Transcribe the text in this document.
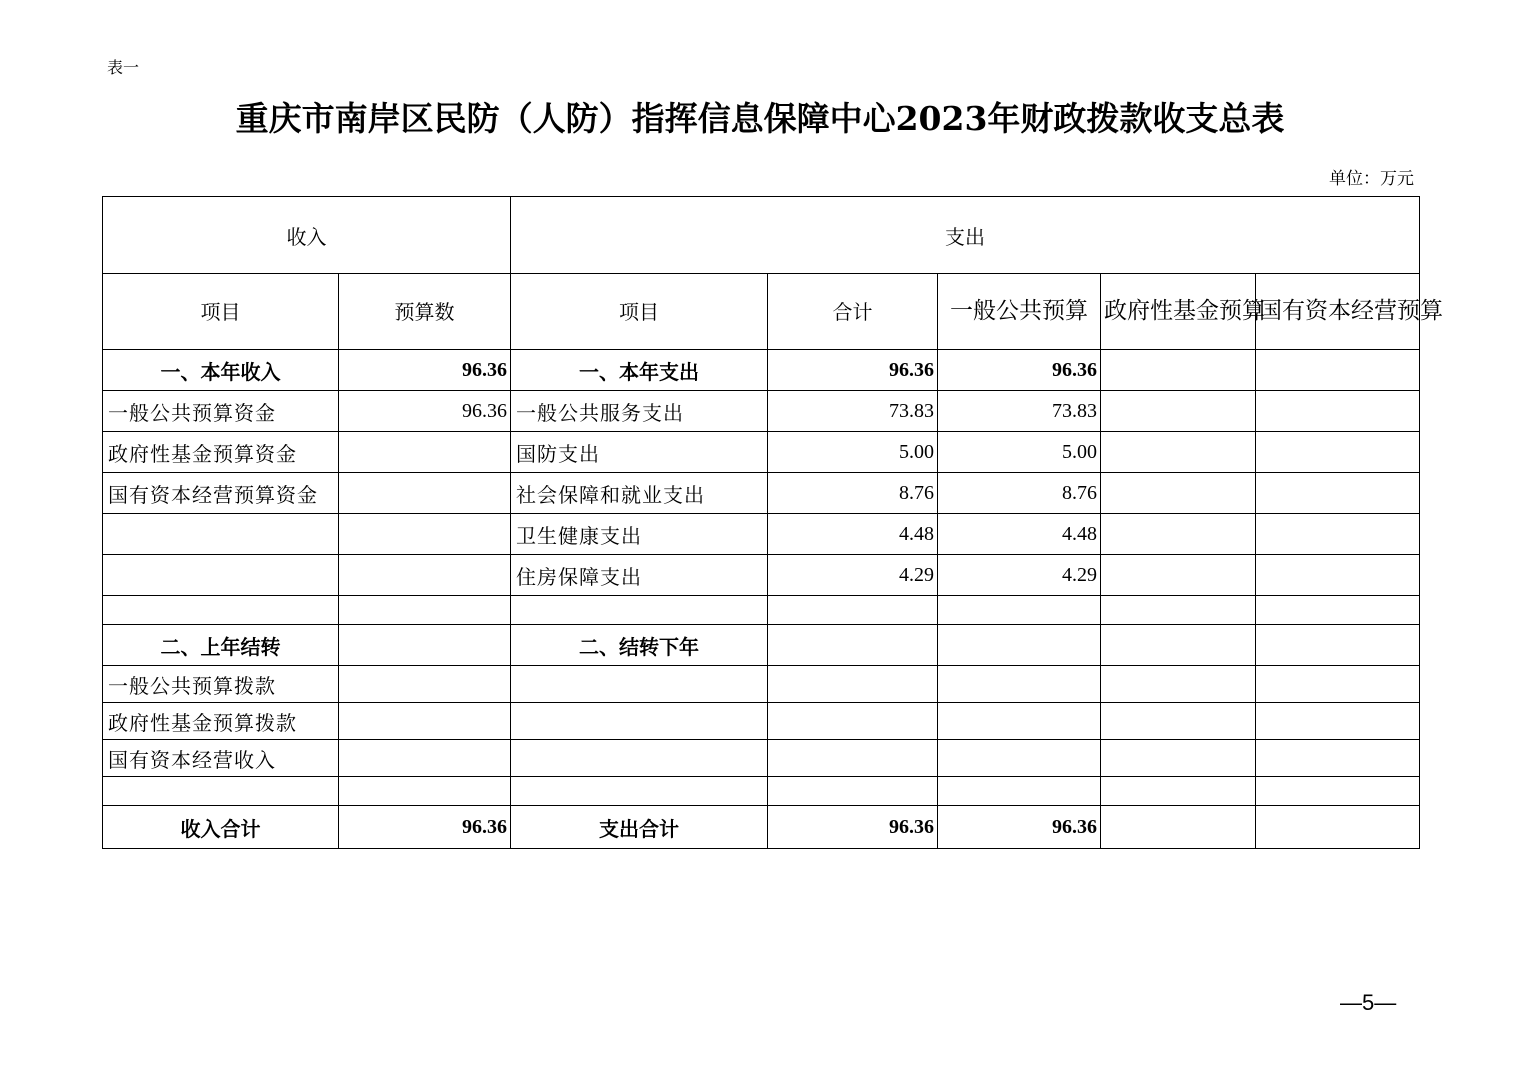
表一
重庆市南岸区民防（人防）指挥信息保障中心2023年财政拨款收支总表
单位：万元
收入		支出				
项目	预算数	项目	合计	一般公共预算	政府性基金预算	国有资本经营预算
一、本年收入	96.36	一、本年支出	96.36	96.36		
一般公共预算资金	96.36	一般公共服务支出	73.83	73.83		
政府性基金预算资金		国防支出	5.00	5.00		
国有资本经营预算资金		社会保障和就业支出	8.76	8.76		
		卫生健康支出	4.48	4.48		
		住房保障支出	4.29	4.29		

二、上年结转		二、结转下年				
一般公共预算拨款						
政府性基金预算拨款						
国有资本经营收入						

收入合计	96.36	支出合计	96.36	96.36		
—5—
